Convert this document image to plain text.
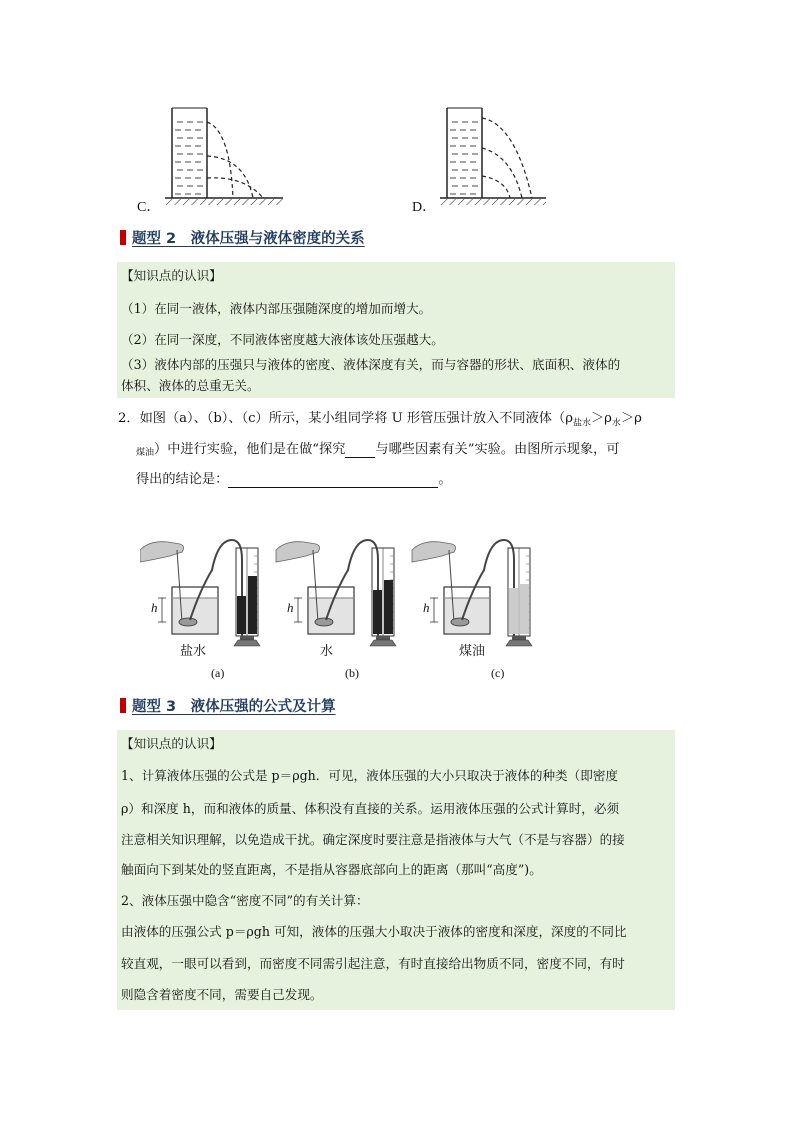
C．	D．
题型 2　液体压强与液体密度的关系
【知识点的认识】
（1）在同一液体，液体内部压强随深度的增加而增大。
（2）在同一深度，不同液体密度越大液体该处压强越大。
（3）液体内部的压强只与液体的密度、液体深度有关，而与容器的形状、底面积、液体的
体积、液体的总重无关。
2．如图（a）、（b）、（c）所示，某小组同学将 U 形管压强计放入不同液体（$\rho_{盐水}>\rho_水>\rho$
$_{煤油}$）中进行实验，他们是在做“探究 与哪些因素有关”实验。由图所示现象，可
得出的结论是：	。
h	h	h
盐水	水	煤油
(a)	(b)	(c)
题型 3　液体压强的公式及计算
【知识点的认识】
1、计算液体压强的公式是 p＝ρgh．可见，液体压强的大小只取决于液体的种类（即密度
ρ）和深度 h，而和液体的质量、体积没有直接的关系。运用液体压强的公式计算时，必须
注意相关知识理解，以免造成干扰。确定深度时要注意是指液体与大气（不是与容器）的接
触面向下到某处的竖直距离，不是指从容器底部向上的距离（那叫“高度”)。
2、液体压强中隐含“密度不同”的有关计算：
由液体的压强公式 p＝ρgh 可知，液体的压强大小取决于液体的密度和深度，深度的不同比
较直观，一眼可以看到，而密度不同需引起注意，有时直接给出物质不同，密度不同，有时
则隐含着密度不同，需要自己发现。
